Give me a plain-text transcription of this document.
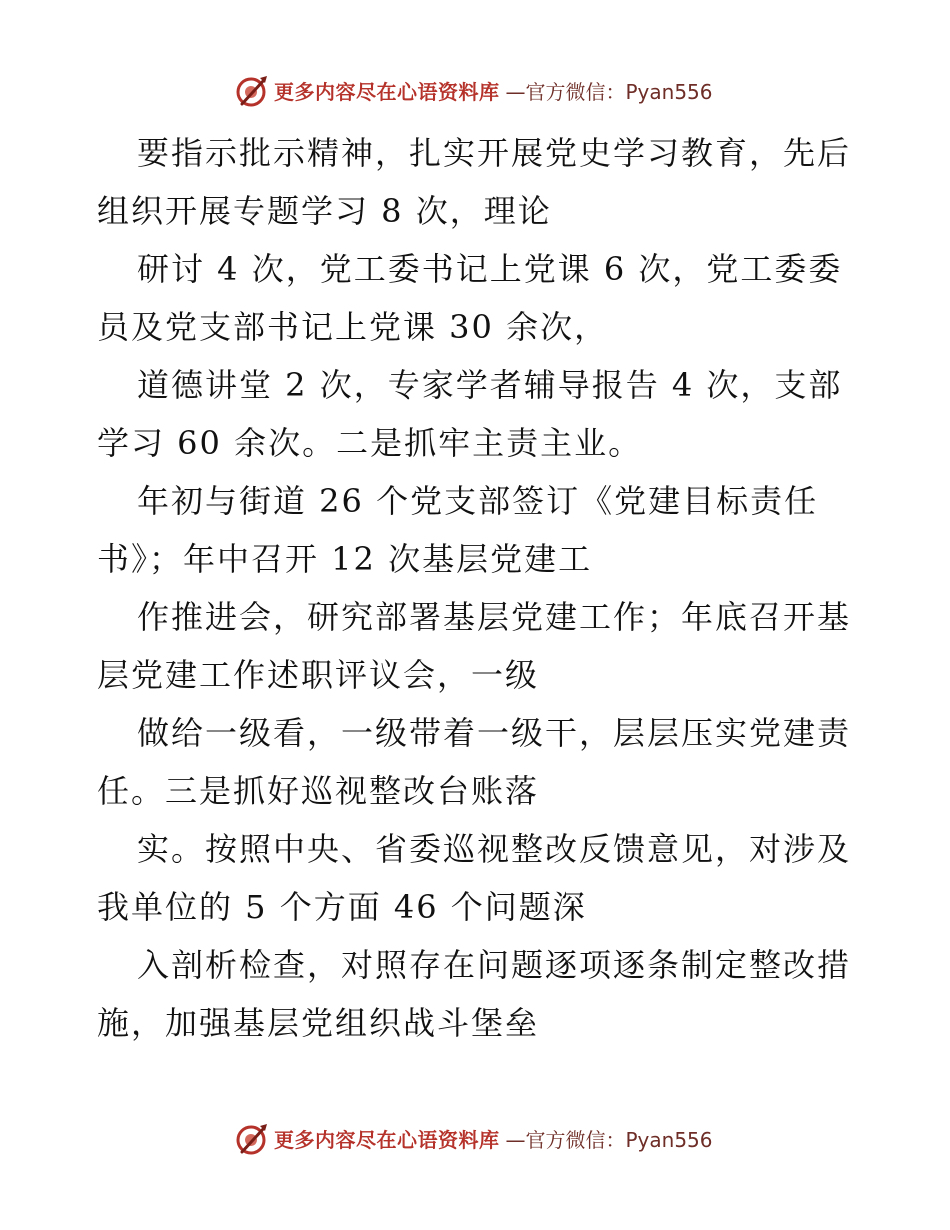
更多内容尽在心语资料库 —官方微信：Pyan556
要指示批示精神，扎实开展党史学习教育，先后
组织开展专题学习 8 次，理论
研讨 4 次，党工委书记上党课 6 次，党工委委
员及党支部书记上党课 30 余次，
道德讲堂 2 次，专家学者辅导报告 4 次，支部
学习 60 余次。二是抓牢主责主业。
年初与街道 26 个党支部签订《党建目标责任
书》；年中召开 12 次基层党建工
作推进会，研究部署基层党建工作；年底召开基
层党建工作述职评议会，一级
做给一级看，一级带着一级干，层层压实党建责
任。三是抓好巡视整改台账落
实。按照中央、省委巡视整改反馈意见，对涉及
我单位的 5 个方面 46 个问题深
入剖析检查，对照存在问题逐项逐条制定整改措
施，加强基层党组织战斗堡垒
更多内容尽在心语资料库 —官方微信：Pyan556
